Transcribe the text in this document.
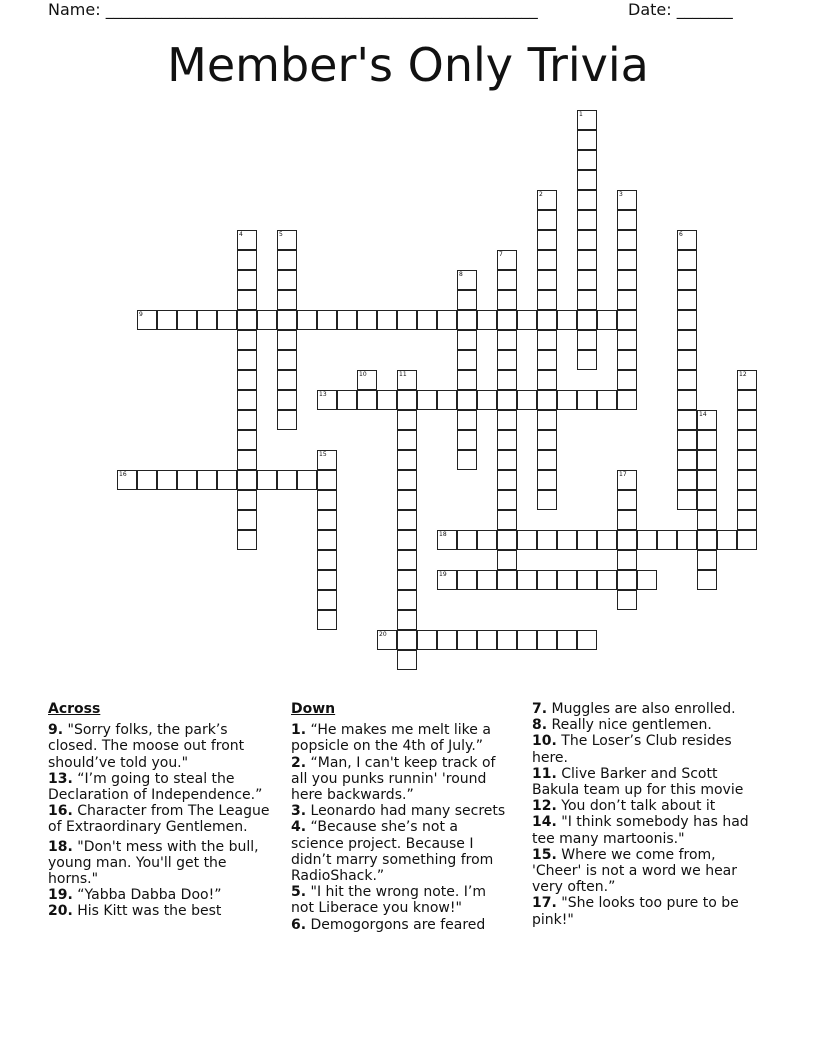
Name: ______________________________________________________	Date: _______
Member's Only Trivia
1
2	3
4	5	6
7
8
9
10	11	12
13
14
15
16	17
18
19
20
Across

9. "Sorry folks, the park’s closed. The moose out front should’ve told you."

13. “I’m going to steal the Declaration of Independence.”

16. Character from The League of Extraordinary Gentlemen.

18. "Don't mess with the bull, young man. You'll get the horns."

19. “Yabba Dabba Doo!”

20. His Kitt was the best

Down

1. “He makes me melt like a popsicle on the 4th of July.”

2. “Man, I can't keep track of all you punks runnin' 'round here backwards.”

3. Leonardo had many secrets

4. “Because she’s not a science project. Because I didn’t marry something from RadioShack.”

5. "I hit the wrong note. I’m not Liberace you know!"

6. Demogorgons are feared

7. Muggles are also enrolled.

8. Really nice gentlemen.

10. The Loser’s Club resides here.

11. Clive Barker and Scott Bakula team up for this movie

12. You don’t talk about it

14. "I think somebody has had tee many martoonis."

15. Where we come from, 'Cheer' is not a word we hear very often.”

17. "She looks too pure to be pink!"
